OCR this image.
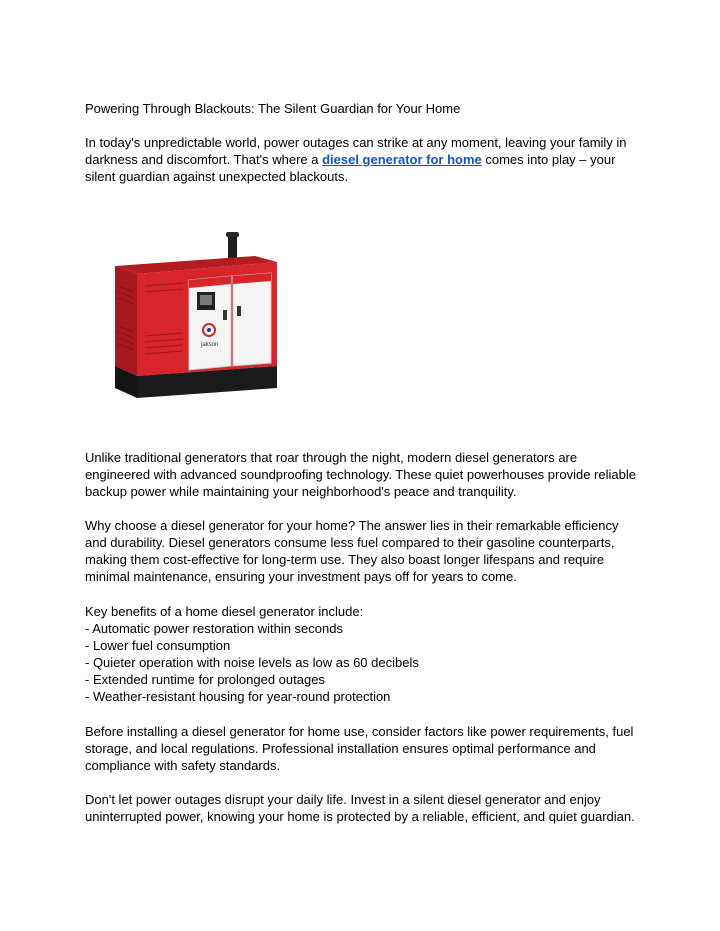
Powering Through Blackouts: The Silent Guardian for Your Home

In today's unpredictable world, power outages can strike at any moment, leaving your family in
darkness and discomfort. That's where a diesel generator for home comes into play – your
silent guardian against unexpected blackouts.

jakson

Unlike traditional generators that roar through the night, modern diesel generators are
engineered with advanced soundproofing technology. These quiet powerhouses provide reliable
backup power while maintaining your neighborhood's peace and tranquility.

Why choose a diesel generator for your home? The answer lies in their remarkable efficiency
and durability. Diesel generators consume less fuel compared to their gasoline counterparts,
making them cost-effective for long-term use. They also boast longer lifespans and require
minimal maintenance, ensuring your investment pays off for years to come.

Key benefits of a home diesel generator include:
- Automatic power restoration within seconds
- Lower fuel consumption
- Quieter operation with noise levels as low as 60 decibels
- Extended runtime for prolonged outages
- Weather-resistant housing for year-round protection

Before installing a diesel generator for home use, consider factors like power requirements, fuel
storage, and local regulations. Professional installation ensures optimal performance and
compliance with safety standards.

Don't let power outages disrupt your daily life. Invest in a silent diesel generator and enjoy
uninterrupted power, knowing your home is protected by a reliable, efficient, and quiet guardian.
